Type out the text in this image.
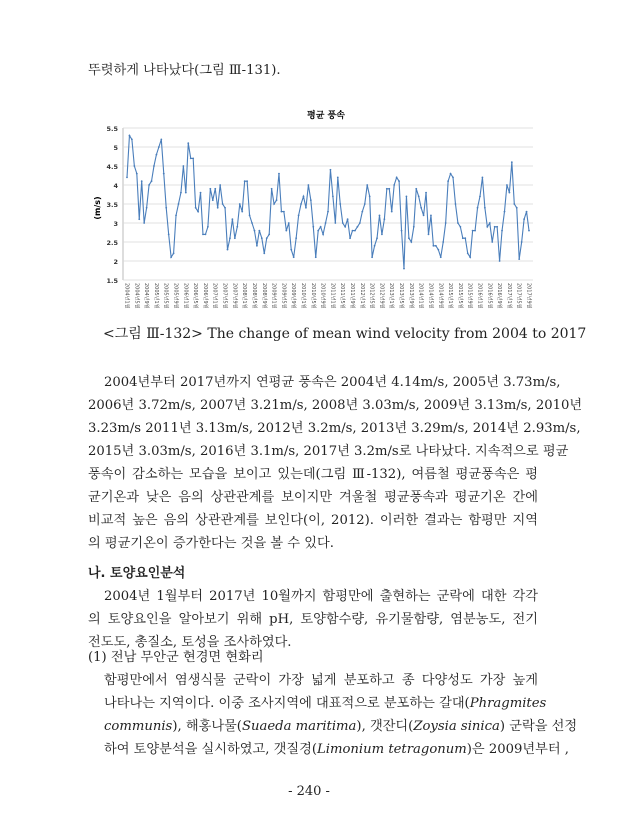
뚜렷하게 나타났다(그림 Ⅲ-131).
평균 풍속
(m/s)
1.5
2
2.5
3
3.5
4
4.5
5
5.5
2004년1월 2004년5월 2004년9월 2005년1월 2005년5월 2005년9월 2006년1월 2006년5월 2006년9월 2007년1월 2007년5월 2007년9월 2008년1월 2008년5월 2008년9월 2009년1월 2009년5월 2009년9월 2010년1월 2010년5월 2010년9월 2011년1월 2011년5월 2011년9월 2012년1월 2012년5월 2012년9월 2013년1월 2013년5월 2013년9월 2014년1월 2014년5월 2014년9월 2015년1월 2015년5월 2015년9월 2016년1월 2016년5월 2016년9월 2017년1월 2017년5월 2017년9월
<그림 Ⅲ-132> The change of mean wind velocity from 2004 to 2017
2004년부터 2017년까지 연평균 풍속은 2004년 4.14m/s, 2005년 3.73m/s,
2006년 3.72m/s, 2007년 3.21m/s, 2008년 3.03m/s, 2009년 3.13m/s, 2010년
3.23m/s 2011년 3.13m/s, 2012년 3.2m/s, 2013년 3.29m/s, 2014년 2.93m/s,
2015년 3.03m/s, 2016년 3.1m/s, 2017년 3.2m/s로 나타났다. 지속적으로 평균
풍속이 감소하는 모습을 보이고 있는데(그림 Ⅲ-132), 여름철 평균풍속은 평
균기온과 낮은 음의 상관관계를 보이지만 겨울철 평균풍속과 평균기온 간에
비교적 높은 음의 상관관계를 보인다(이, 2012). 이러한 결과는 함평만 지역
의 평균기온이 증가한다는 것을 볼 수 있다.
나. 토양요인분석
2004년 1월부터 2017년 10월까지 함평만에 출현하는 군락에 대한 각각
의 토양요인을 알아보기 위해 pH, 토양함수량, 유기물함량, 염분농도, 전기
전도도, 총질소, 토성을 조사하였다.
(1) 전남 무안군 현경면 현화리
함평만에서 염생식물 군락이 가장 넓게 분포하고 종 다양성도 가장 높게
나타나는 지역이다. 이중 조사지역에 대표적으로 분포하는 갈대(Phragmites
communis), 해홍나물(Suaeda maritima), 갯잔디(Zoysia sinica) 군락을 선정
하여 토양분석을 실시하였고, 갯질경(Limonium tetragonum)은 2009년부터 ,
- 240 -
